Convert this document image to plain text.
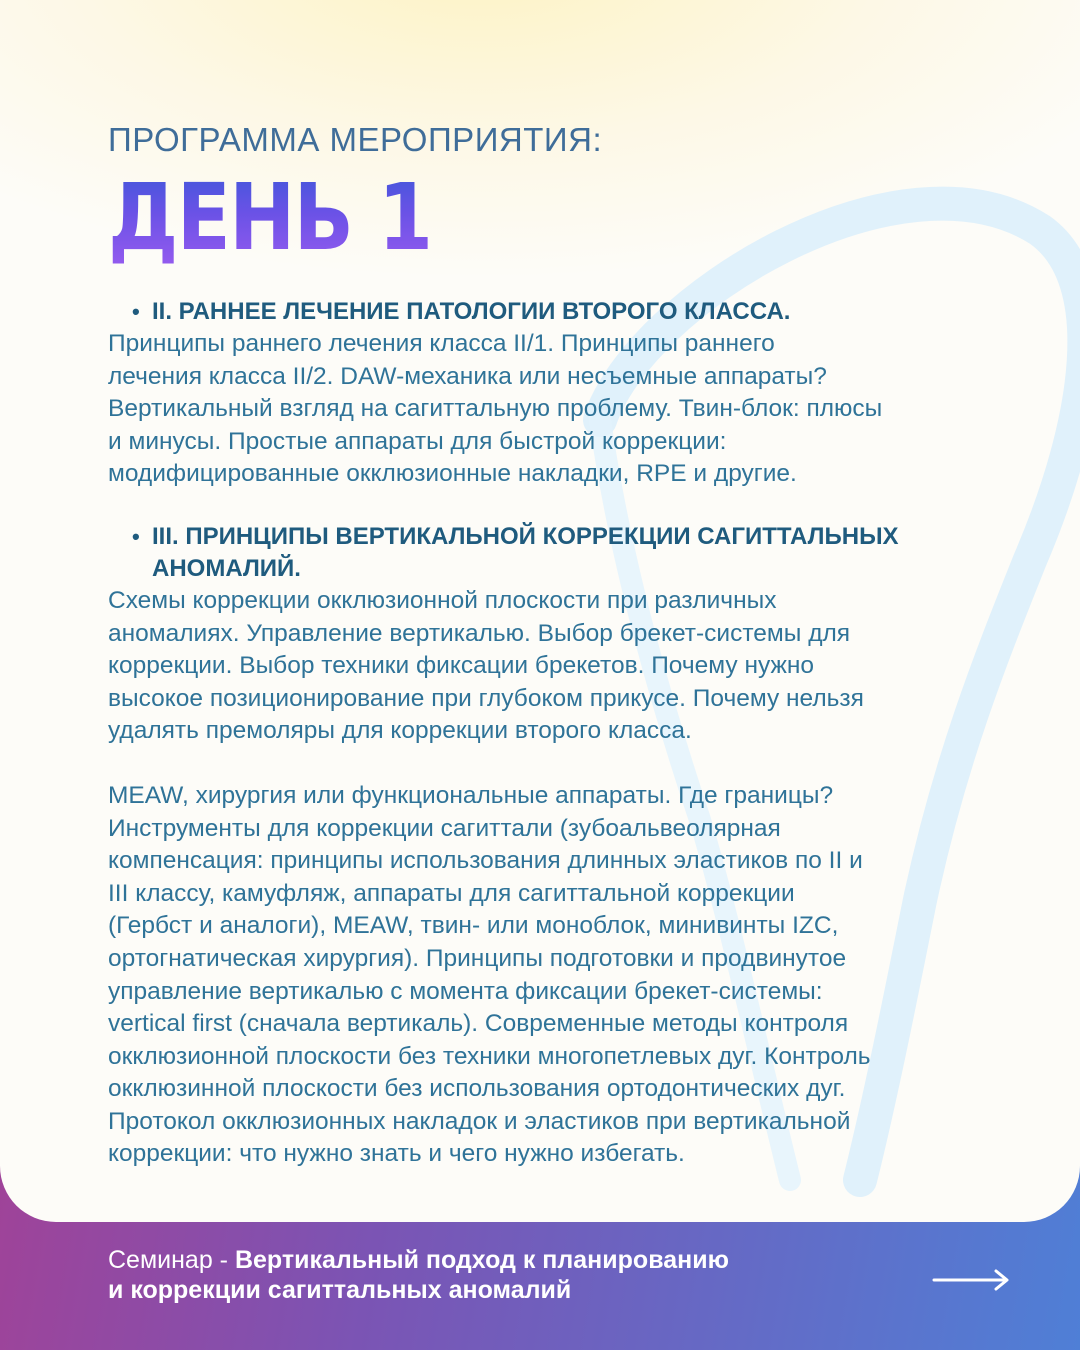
ПРОГРАММА МЕРОПРИЯТИЯ:

ДЕНЬ 1
• II. РАННЕЕ ЛЕЧЕНИЕ ПАТОЛОГИИ ВТОРОГО КЛАССА.

Принципы раннего лечения класса II/1. Принципы раннего
лечения класса II/2. DAW-механика или несъемные аппараты?
Вертикальный взгляд на сагиттальную проблему. Твин-блок: плюсы
и минусы. Простые аппараты для быстрой коррекции:
модифицированные окклюзионные накладки, RPE и другие.

• III. ПРИНЦИПЫ ВЕРТИКАЛЬНОЙ КОРРЕКЦИИ САГИТТАЛЬНЫХ
АНОМАЛИЙ.

Схемы коррекции окклюзионной плоскости при различных
аномалиях. Управление вертикалью. Выбор брекет-системы для
коррекции. Выбор техники фиксации брекетов. Почему нужно
высокое позиционирование при глубоком прикусе. Почему нельзя
удалять премоляры для коррекции второго класса.

MEAW, хирургия или функциональные аппараты. Где границы?
Инструменты для коррекции сагиттали (зубоальвеолярная
компенсация: принципы использования длинных эластиков по II и
III классу, камуфляж, аппараты для сагиттальной коррекции
(Гербст и аналоги), MEAW, твин- или моноблок, минивинты IZC,
ортогнатическая хирургия). Принципы подготовки и продвинутое
управление вертикалью с момента фиксации брекет-системы:
vertical first (сначала вертикаль). Современные методы контроля
окклюзионной плоскости без техники многопетлевых дуг. Контроль
окклюзинной плоскости без использования ортодонтических дуг.
Протокол окклюзионных накладок и эластиков при вертикальной
коррекции: что нужно знать и чего нужно избегать.

Семинар - Вертикальный подход к планированию
и коррекции сагиттальных аномалий
